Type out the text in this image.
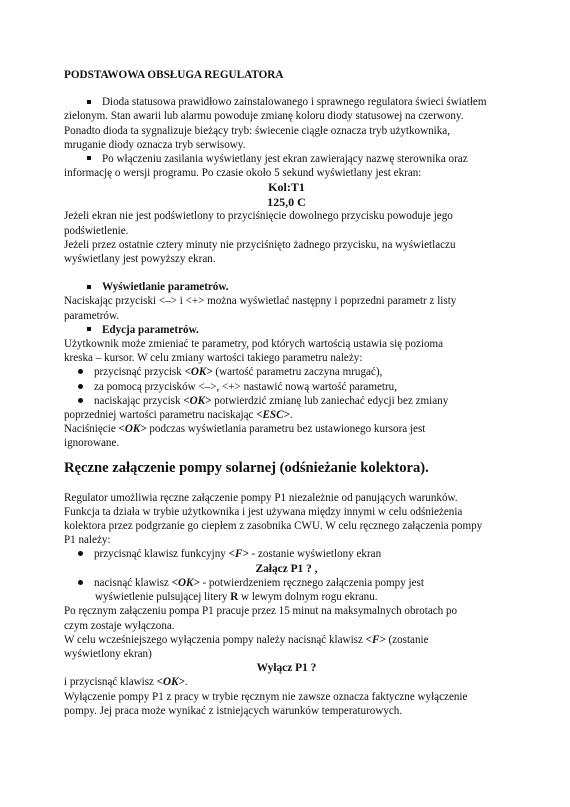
PODSTAWOWA OBSŁUGA REGULATORA

Dioda statusowa prawidłowo zainstalowanego i sprawnego regulatora świeci światłem

zielonym. Stan awarii lub alarmu powoduje zmianę koloru diody statusowej na czerwony.

Ponadto dioda ta sygnalizuje bieżący tryb: świecenie ciągłe oznacza tryb użytkownika,

mruganie diody oznacza tryb serwisowy.

Po włączeniu zasilania wyświetlany jest ekran zawierający nazwę sterownika oraz

informację o wersji programu. Po czasie około 5 sekund wyświetlany jest ekran:

Kol:T1

125,0 C

Jeżeli ekran nie jest podświetlony to przyciśnięcie dowolnego przycisku powoduje jego

podświetlenie.

Jeżeli przez ostatnie cztery minuty nie przyciśnięto żadnego przycisku, na wyświetlaczu

wyświetlany jest powyższy ekran.

Wyświetlanie parametrów.

Naciskając przyciski <–> i <+> można wyświetlać następny i poprzedni parametr z listy

parametrów.

Edycja parametrów.

Użytkownik może zmieniać te parametry, pod których wartością ustawia się pozioma

kreska – kursor. W celu zmiany wartości takiego parametru należy:

przycisnąć przycisk <OK> (wartość parametru zaczyna mrugać),

za pomocą przycisków <–>, <+> nastawić nową wartość parametru,

naciskając przycisk <OK> potwierdzić zmianę lub zaniechać edycji bez zmiany

poprzedniej wartości parametru naciskając <ESC>.

Naciśnięcie <OK> podczas wyświetlania parametru bez ustawionego kursora jest

ignorowane.

Ręczne załączenie pompy solarnej (odśnieżanie kolektora).

Regulator umożliwia ręczne załączenie pompy P1 niezależnie od panujących warunków.

Funkcja ta działa w trybie użytkownika i jest używana między innymi w celu odśnieżenia

kolektora przez podgrzanie go ciepłem z zasobnika CWU. W celu ręcznego załączenia pompy

P1 należy:

przycisnąć klawisz funkcyjny <F> - zostanie wyświetlony ekran

Załącz P1 ? ,

nacisnąć klawisz <OK> - potwierdzeniem ręcznego załączenia pompy jest

wyświetlenie pulsującej litery R w lewym dolnym rogu ekranu.

Po ręcznym załączeniu pompa P1 pracuje przez 15 minut na maksymalnych obrotach po

czym zostaje wyłączona.

W celu wcześniejszego wyłączenia pompy należy nacisnąć klawisz <F> (zostanie

wyświetlony ekran)

Wyłącz P1 ?

i przycisnąć klawisz <OK>.

Wyłączenie pompy P1 z pracy w trybie ręcznym nie zawsze oznacza faktyczne wyłączenie

pompy. Jej praca może wynikać z istniejących warunków temperaturowych.
